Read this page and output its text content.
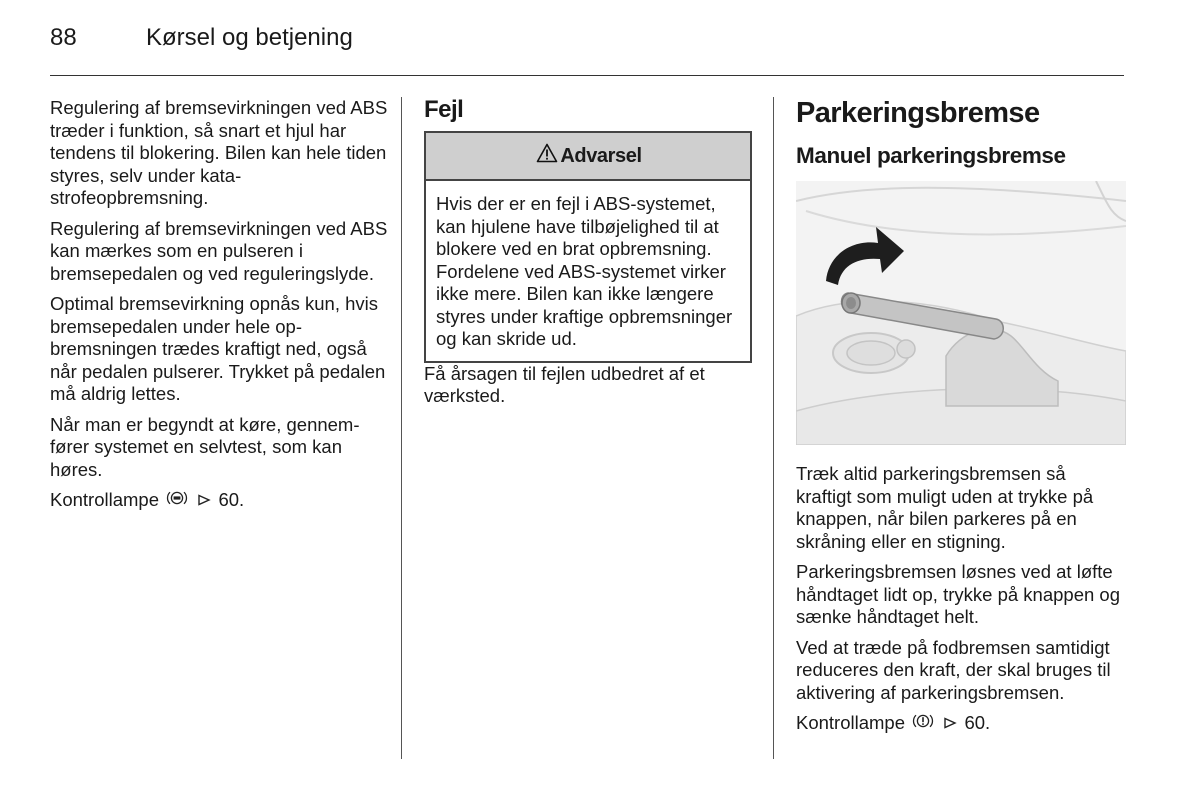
88	Kørsel og betjening

Regulering af bremsevirkningen ved ABS træder i funktion, så snart et hjul har tendens til blokering. Bilen kan hele tiden styres, selv under katastrofeopbremsning.

Regulering af bremsevirkningen ved ABS kan mærkes som en pulseren i bremsepedalen og ved reguleringslyde.

Optimal bremsevirkning opnås kun, hvis bremsepedalen under hele opbremsningen trædes kraftigt ned, også når pedalen pulserer. Trykket på pedalen må aldrig lettes.

Når man er begyndt at køre, gennemfører systemet en selvtest, som kan høres.

Kontrollampe	60.

Fejl
Advarsel
Hvis der er en fejl i ABS-systemet, kan hjulene have tilbøjelighed til at blokere ved en brat opbremsning. Fordelene ved ABS-systemet virker ikke mere. Bilen kan ikke længere styres under kraftige opbremsninger og kan skride ud.

Få årsagen til fejlen udbedret af et værksted.

Parkeringsbremse
Manuel parkeringsbremse

Træk altid parkeringsbremsen så kraftigt som muligt uden at trykke på knappen, når bilen parkeres på en skråning eller en stigning.

Parkeringsbremsen løsnes ved at løfte håndtaget lidt op, trykke på knappen og sænke håndtaget helt.

Ved at træde på fodbremsen samtidigt reduceres den kraft, der skal bruges til aktivering af parkeringsbremsen.

Kontrollampe	60.
